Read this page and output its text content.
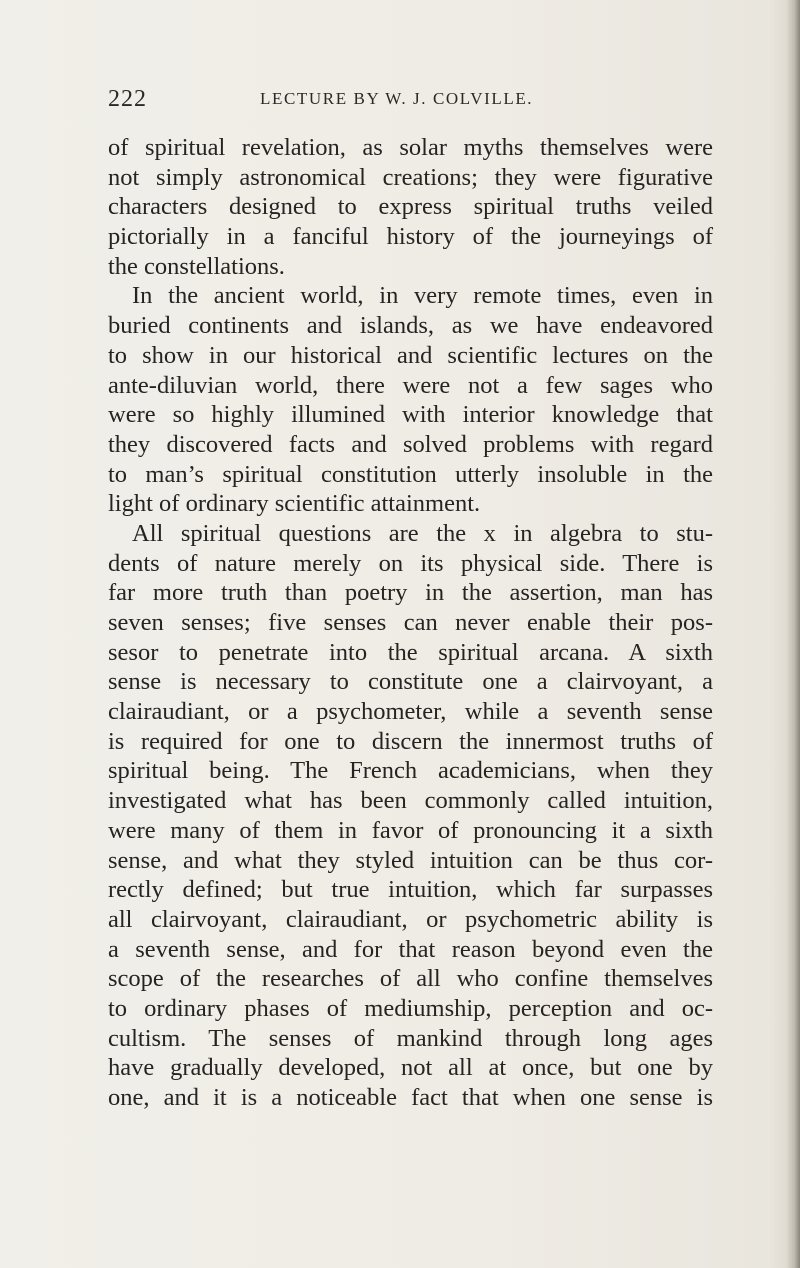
222	LECTURE BY W. J. COLVILLE.
of spiritual revelation, as solar myths themselves were
not simply astronomical creations; they were figurative
characters designed to express spiritual truths veiled
pictorially in a fanciful history of the journeyings of
the constellations.
In the ancient world, in very remote times, even in
buried continents and islands, as we have endeavored
to show in our historical and scientific lectures on the
ante-diluvian world, there were not a few sages who
were so highly illumined with interior knowledge that
they discovered facts and solved problems with regard
to man’s spiritual constitution utterly insoluble in the
light of ordinary scientific attainment.
All spiritual questions are the x in algebra to stu-
dents of nature merely on its physical side. There is
far more truth than poetry in the assertion, man has
seven senses; five senses can never enable their pos-
sesor to penetrate into the spiritual arcana. A sixth
sense is necessary to constitute one a clairvoyant, a
clairaudiant, or a psychometer, while a seventh sense
is required for one to discern the innermost truths of
spiritual being. The French academicians, when they
investigated what has been commonly called intuition,
were many of them in favor of pronouncing it a sixth
sense, and what they styled intuition can be thus cor-
rectly defined; but true intuition, which far surpasses
all clairvoyant, clairaudiant, or psychometric ability is
a seventh sense, and for that reason beyond even the
scope of the researches of all who confine themselves
to ordinary phases of mediumship, perception and oc-
cultism. The senses of mankind through long ages
have gradually developed, not all at once, but one by
one, and it is a noticeable fact that when one sense is
